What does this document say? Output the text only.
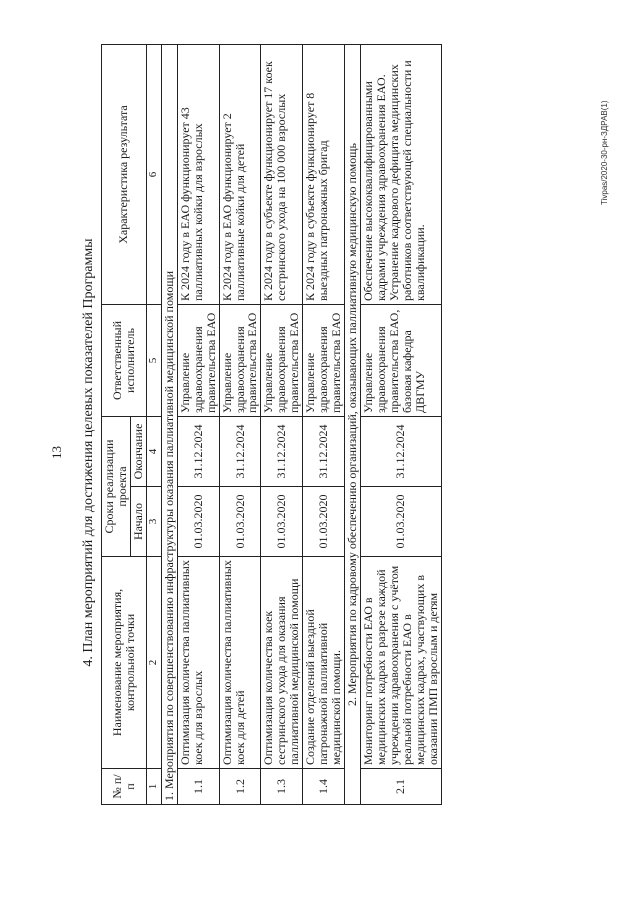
13 4. План мероприятий для достижения целевых показателей Программы
№ п/п	Наименование мероприятия, контрольной точки	Сроки реализации проекта		Ответственный исполнитель	Характеристика результата
		Начало	Окончание		
1	2	3	4	5	6
1. Мероприятия по совершенствованию инфраструктуры оказания паллиативной медицинской помощи					
1.1	Оптимизация количества паллиативных коек для взрослых	01.03.2020	31.12.2024	Управление здравоохранения правительства ЕАО	К 2024 году в ЕАО функционирует 43 паллиативных койки для взрослых
1.2	Оптимизация количества паллиативных коек для детей	01.03.2020	31.12.2024	Управление здравоохранения правительства ЕАО	К 2024 году в ЕАО функционирует 2 паллиативные койки для детей
1.3	Оптимизация количества коек сестринского ухода для оказания паллиативной медицинской помощи	01.03.2020	31.12.2024	Управление здравоохранения правительства ЕАО	К 2024 году в субъекте функционирует 17 коек сестринского ухода на 100 000 взрослых
1.4	Создание отделений выездной патронажной паллиативной медицинской помощи.	01.03.2020	31.12.2024	Управление здравоохранения правительства ЕАО	К 2024 году в субъекте функционирует 8 выездных патронажных бригад
2. Мероприятия по кадровому обеспечению организаций, оказывающих паллиативную медицинскую помощь					
2.1	Мониторинг потребности ЕАО в медицинских кадрах в разрезе каждой учреждении здравоохранения с учётом реальной потребности ЕАО в медицинских кадрах, участвующих в оказании ПМП взрослым и детям	01.03.2020	31.12.2024	Управление здравоохранения правительства ЕАО, базовая кафедра ДВГМУ	Обеспечение высококвалифицированными кадрами учреждения здравоохранения ЕАО. Устранение кадрового дефицита медицинских работников соответствующей специальности и квалификации.
Tivpas/2020-30-pн-ЗДРАВ(1)
